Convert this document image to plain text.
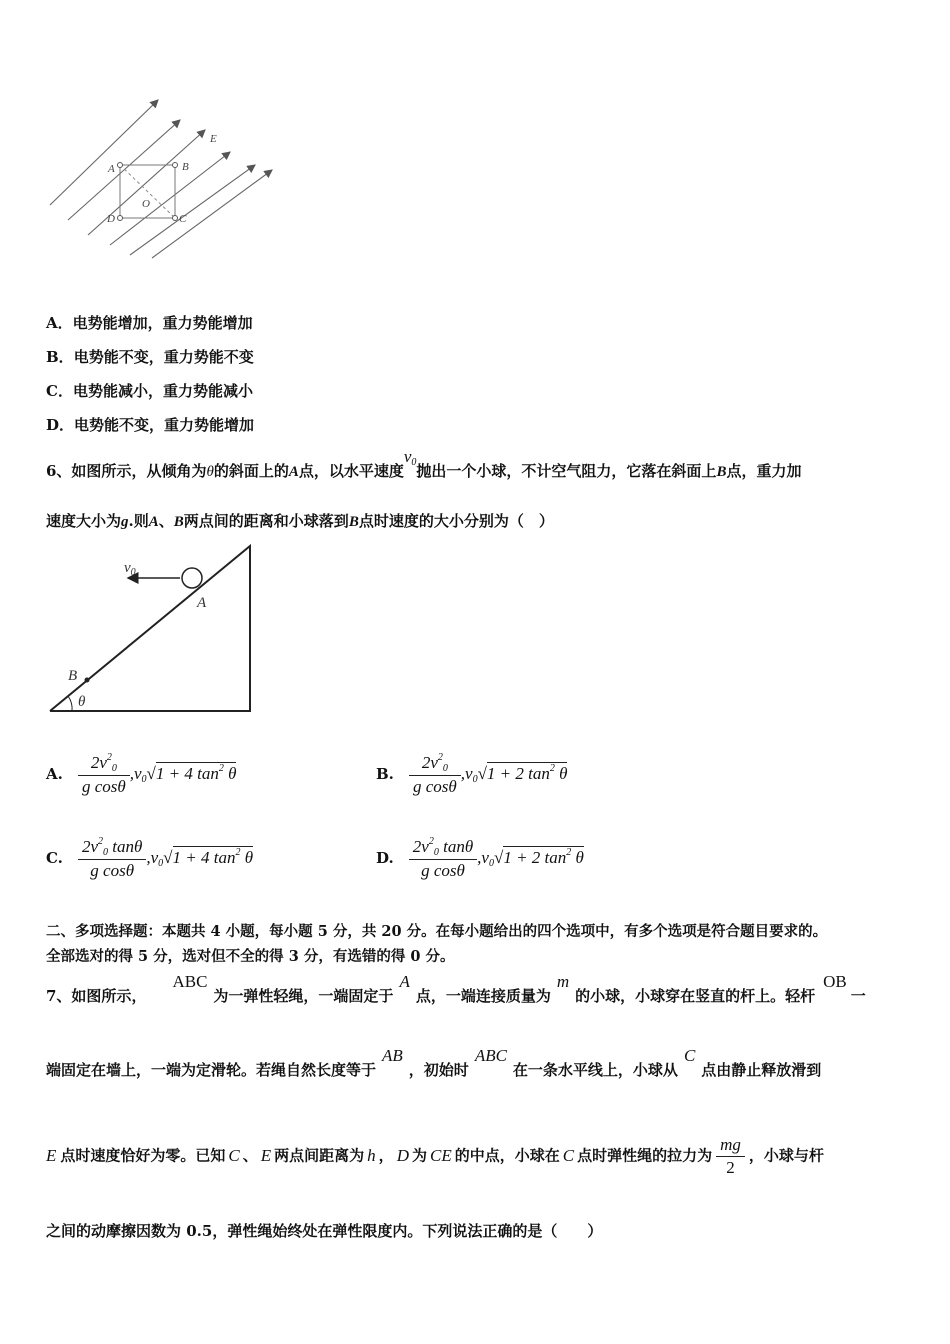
E
A	B
O
D	C
A．电势能增加，重力势能增加
B．电势能不变，重力势能不变
C．电势能减小，重力势能减小
D．电势能不变，重力势能增加
6、如图所示，从倾角为θ的斜面上的A点，以水平速度$v_0$抛出一个小球，不计空气阻力，它落在斜面上B点，重力加
速度大小为g.则A、B两点间的距离和小球落到B点时速度的大小分别为（　）
$v_0$
A
B
θ
A. $\frac{2v^2_0}{\text{g cosθ}} ,v_0√1 + 4$ $\tan^2 \theta$	B. $\frac{2v^2_0}{\text{g cosθ}} ,v_0√1 + 2$ $\tan^2 \theta$
C. $\frac{2v^2_0 \tan\theta}{\text{g cosθ}} ,v_0√1 + 4$ $\tan^2 \theta$	D. $\frac{2v^2_0 \tan\theta}{\text{g cosθ}} ,v_0√1 + 2$ $\tan^2 \theta$
二、多项选择题：本题共 4 小题，每小题 5 分，共 20 分。在每小题给出的四个选项中，有多个选项是符合题目要求的。
全部选对的得 5 分，选对但不全的得 3 分，有选错的得 0 分。
7、如图所示，ABC为一弹性轻绳，一端固定于A点，一端连接质量为m的小球，小球穿在竖直的杆上。轻杆OB一
端固定在墙上，一端为定滑轮。若绳自然长度等于AB，初始时ABC在一条水平线上，小球从C点由静止释放滑到
E 点时速度恰好为零。已知 C 、 E 两点间距离为 h ， D 为 CE 的中点，小球在 C 点时弹性绳的拉力为 $\frac{mg}{2}$ ，小球与杆
之间的动摩擦因数为 0.5，弹性绳始终处在弹性限度内。下列说法正确的是（　　）
